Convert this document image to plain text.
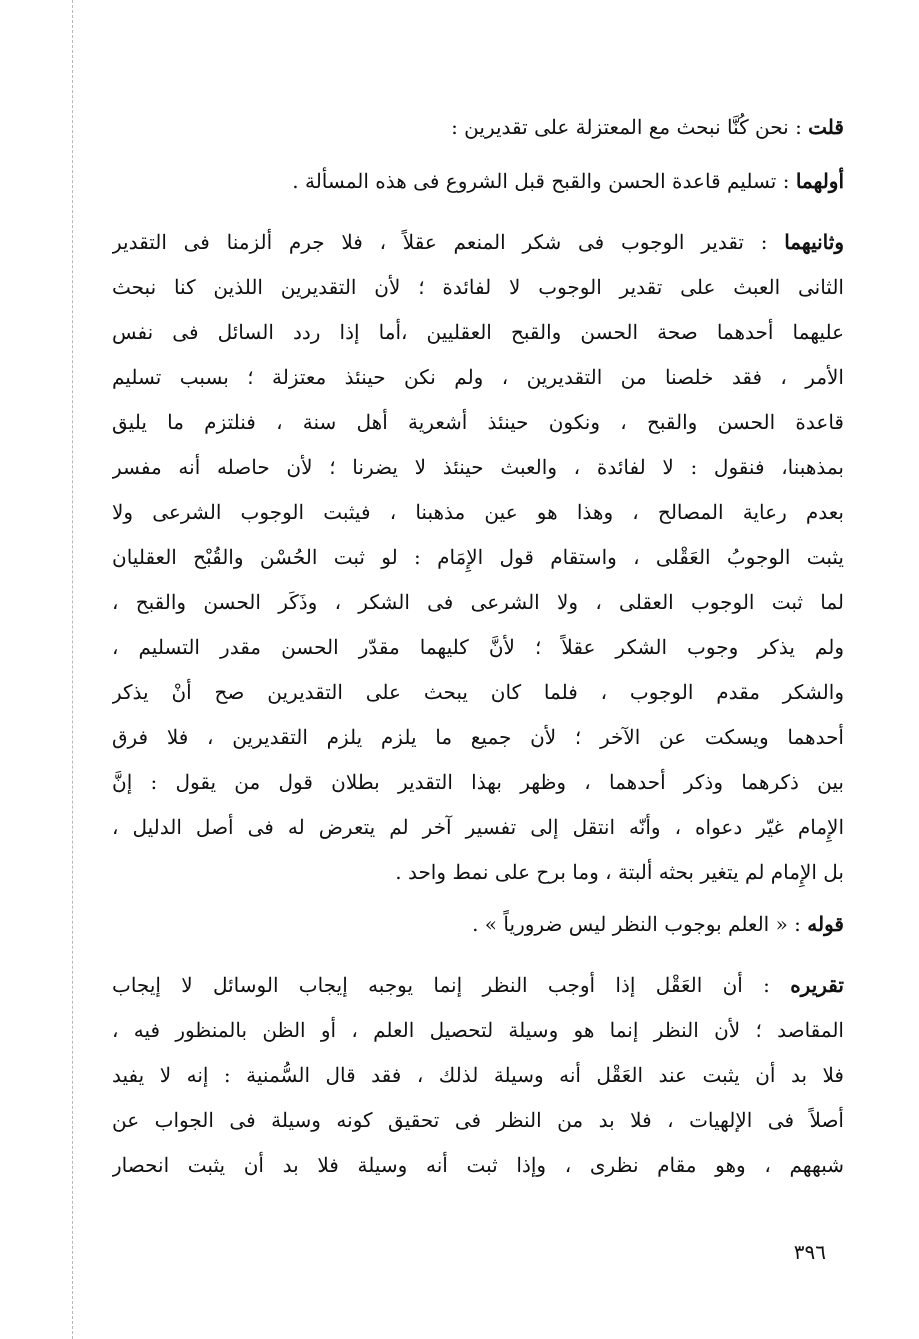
قلت : نحن كُنَّا نبحث مع المعتزلة على تقديرين :
أولهما : تسليم قاعدة الحسن والقبح قبل الشروع فى هذه المسألة .
وثانيهما : تقدير الوجوب فى شكر المنعم عقلاً ، فلا جرم ألزمنا فى التقدير
الثانى العبث على تقدير الوجوب لا لفائدة ؛ لأن التقديرين اللذين كنا نبحث
عليهما أحدهما صحة الحسن والقبح العقليين ،أما إذا ردد السائل فى نفس
الأمر ، فقد خلصنا من التقديرين ، ولم نكن حينئذ معتزلة ؛ بسبب تسليم
قاعدة الحسن والقبح ، ونكون حينئذ أشعرية أهل سنة ، فنلتزم ما يليق
بمذهبنا، فنقول : لا لفائدة ، والعبث حينئذ لا يضرنا ؛ لأن حاصله أنه مفسر
بعدم رعاية المصالح ، وهذا هو عين مذهبنا ، فيثبت الوجوب الشرعى ولا
يثبت الوجوبُ العَقْلى ، واستقام قول الإِمَام : لو ثبت الحُسْن والقُبْح العقليان
لما ثبت الوجوب العقلى ، ولا الشرعى فى الشكر ، وذَكَر الحسن والقبح ،
ولم يذكر وجوب الشكر عقلاً ؛ لأنَّ كليهما مقدّر الحسن مقدر التسليم ،
والشكر مقدم الوجوب ، فلما كان يبحث على التقديرين صح أنْ يذكر
أحدهما ويسكت عن الآخر ؛ لأن جميع ما يلزم يلزم التقديرين ، فلا فرق
بين ذكرهما وذكر أحدهما ، وظهر بهذا التقدير بطلان قول من يقول : إنَّ
الإِمام غيّر دعواه ، وأنّه انتقل إلى تفسير آخر لم يتعرض له فى أصل الدليل ،
بل الإِمام لم يتغير بحثه ألبتة ، وما برح على نمط واحد .
قوله : « العلم بوجوب النظر ليس ضرورياً » .
تقريره : أن العَقْل إذا أوجب النظر إنما يوجبه إيجاب الوسائل لا إيجاب
المقاصد ؛ لأن النظر إنما هو وسيلة لتحصيل العلم ، أو الظن بالمنظور فيه ،
فلا بد أن يثبت عند العَقْل أنه وسيلة لذلك ، فقد قال السُّمنية : إنه لا يفيد
أصلاً فى الإلهيات ، فلا بد من النظر فى تحقيق كونه وسيلة فى الجواب عن
شبههم ، وهو مقام نظرى ، وإذا ثبت أنه وسيلة فلا بد أن يثبت انحصار
٣٩٦
